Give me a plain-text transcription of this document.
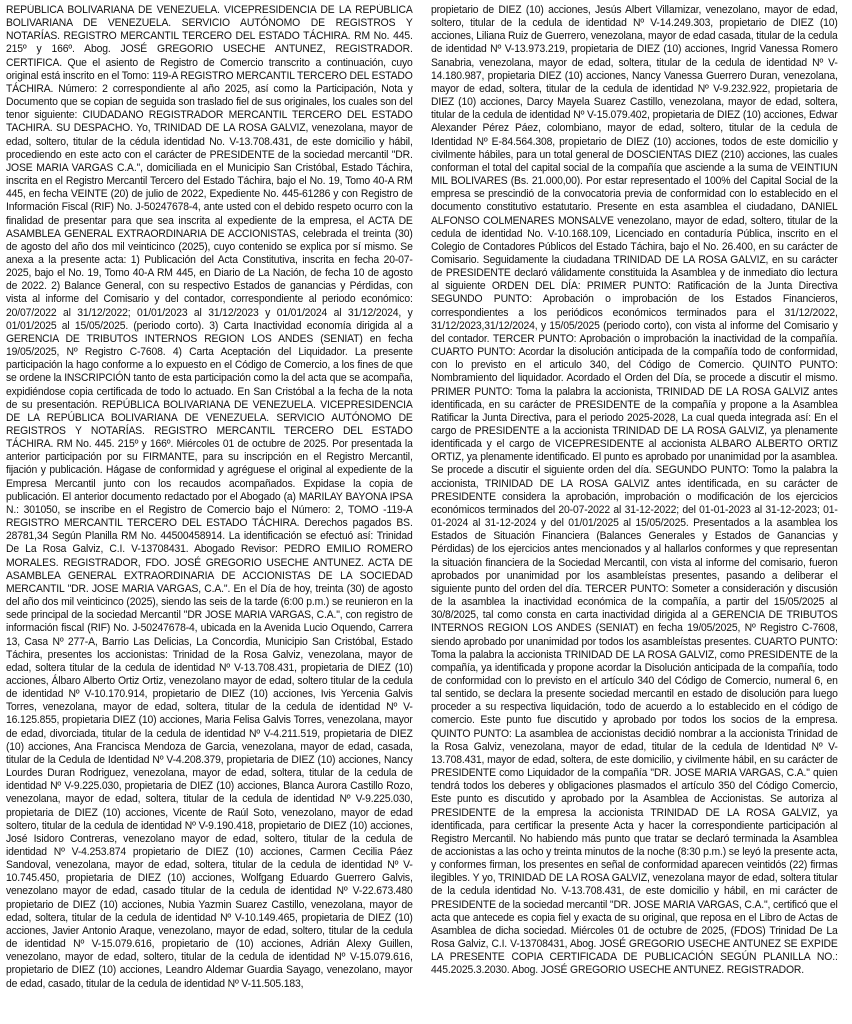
REPÚBLICA BOLIVARIANA DE VENEZUELA. VICEPRESIDENCIA DE LA REPÚBLICA BOLIVARIANA DE VENEZUELA. SERVICIO AUTÓNOMO DE REGISTROS Y NOTARÍAS. REGISTRO MERCANTIL TERCERO DEL ESTADO TÁCHIRA. RM No. 445. 215º y 166º. Abog. JOSÉ GREGORIO USECHE ANTUNEZ, REGISTRADOR. CERTIFICA. Que el asiento de Registro de Comercio transcrito a continuación, cuyo original está inscrito en el Tomo: 119-A REGISTRO MERCANTIL TERCERO DEL ESTADO TÁCHIRA. Número: 2 correspondiente al año 2025, así como la Participación, Nota y Documento que se copian de seguida son traslado fiel de sus originales, los cuales son del tenor siguiente: CIUDADANO REGISTRADOR MERCANTIL TERCERO DEL ESTADO TACHIRA. SU DESPACHO. Yo, TRINIDAD DE LA ROSA GALVIZ, venezolana, mayor de edad, soltero, titular de la cédula identidad No. V-13.708.431, de este domicilio y hábil, procediendo en este acto con el carácter de PRESIDENTE de la sociedad mercantil "DR. JOSE MARIA VARGAS C.A.", domiciliada en el Municipio San Cristóbal, Estado Táchira, inscrita en el Registro Mercantil Tercero del Estado Táchira, bajo el No. 19, Tomo 40-A RM 445, en fecha VEINTE (20) de julio de 2022, Expediente No. 445-61286 y con Registro de Información Fiscal (RIF) No. J-50247678-4, ante usted con el debido respeto ocurro con la finalidad de presentar para que sea inscrita al expediente de la empresa, el ACTA DE ASAMBLEA GENERAL EXTRAORDINARIA DE ACCIONISTAS, celebrada el treinta (30) de agosto del año dos mil veinticinco (2025), cuyo contenido se explica por sí mismo. Se anexa a la presente acta: 1) Publicación del Acta Constitutiva, inscrita en fecha 20-07-2025, bajo el No. 19, Tomo 40-A RM 445, en Diario de La Nación, de fecha 10 de agosto de 2022. 2) Balance General, con su respectivo Estados de ganancias y Pérdidas, con vista al informe del Comisario y del contador, correspondiente al periodo económico: 20/07/2022 al 31/12/2022; 01/01/2023 al 31/12/2023 y 01/01/2024 al 31/12/2024, y 01/01/2025 al 15/05/2025. (periodo corto). 3) Carta Inactividad economía dirigida al a GERENCIA DE TRIBUTOS INTERNOS REGION LOS ANDES (SENIAT) en fecha 19/05/2025, Nº Registro C-7608. 4) Carta Aceptación del Liquidador. La presente participación la hago conforme a lo expuesto en el Código de Comercio, a los fines de que se ordene la INSCRIPCIÓN tanto de esta participación como la del acta que se acompaña, expidiéndose copia certificada de todo lo actuado. En San Cristóbal a la fecha de la nota de su presentación. REPÚBLICA BOLIVARIANA DE VENEZUELA. VICEPRESIDENCIA DE LA REPÚBLICA BOLIVARIANA DE VENEZUELA. SERVICIO AUTÓNOMO DE REGISTROS Y NOTARÍAS. REGISTRO MERCANTIL TERCERO DEL ESTADO TÁCHIRA. RM No. 445. 215º y 166º. Miércoles 01 de octubre de 2025. Por presentada la anterior participación por su FIRMANTE, para su inscripción en el Registro Mercantil, fijación y publicación. Hágase de conformidad y agréguese el original al expediente de la Empresa Mercantil junto con los recaudos acompañados. Expidase la copia de publicación. El anterior documento redactado por el Abogado (a) MARILAY BAYONA IPSA N.: 301050, se inscribe en el Registro de Comercio bajo el Número: 2, TOMO -119-A REGISTRO MERCANTIL TERCERO DEL ESTADO TÁCHIRA. Derechos pagados BS. 28781,34 Según Planilla RM No. 44500458914. La identificación se efectuó así: Trinidad De La Rosa Galviz, C.I. V-13708431. Abogado Revisor: PEDRO EMILIO ROMERO MORALES. REGISTRADOR, FDO. JOSÉ GREGORIO USECHE ANTUNEZ. ACTA DE ASAMBLEA GENERAL EXTRAORDINARIA DE ACCIONISTAS DE LA SOCIEDAD MERCANTIL "DR. JOSE MARIA VARGAS, C.A.". En el Día de hoy, treinta (30) de agosto del año dos mil veinticinco (2025), siendo las seis de la tarde (6:00 p.m.) se reunieron en la sede principal de la sociedad Mercantil "DR JOSE MARIA VARGAS, C.A.", con registro de información fiscal (RIF) No. J-50247678-4, ubicada en la Avenida Lucio Oquendo, Carrera 13, Casa Nº 277-A, Barrio Las Delicias, La Concordia, Municipio San Cristóbal, Estado Táchira, presentes los accionistas: Trinidad de la Rosa Galviz, venezolana, mayor de edad, soltera titular de la cedula de identidad Nº V-13.708.431, propietaria de DIEZ (10) acciones, Álbaro Alberto Ortiz Ortiz, venezolano mayor de edad, soltero titular de la cedula de identidad Nº V-10.170.914, propietario de DIEZ (10) acciones, Ivis Yercenia Galvis Torres, venezolana, mayor de edad, soltera, titular de la cedula de identidad Nº V-16.125.855, propietaria DIEZ (10) acciones, Maria Felisa Galvis Torres, venezolana, mayor de edad, divorciada, titular de la cedula de identidad Nº V-4.211.519, propietaria de DIEZ (10) acciones, Ana Francisca Mendoza de Garcia, venezolana, mayor de edad, casada, titular de la Cedula de Identidad Nº V-4.208.379, propietaria de DIEZ (10) acciones, Nancy Lourdes Duran Rodriguez, venezolana, mayor de edad, soltera, titular de la cedula de identidad Nº V-9.225.030, propietaria de DIEZ (10) acciones, Blanca Aurora Castillo Rozo, venezolana, mayor de edad, soltera, titular de la cedula de identidad Nº V-9.225.030, propietaria de DIEZ (10) acciones, Vicente de Raúl Soto, venezolano, mayor de edad soltero, titular de la cedula de identidad Nº V-9.190.418, propietario de DIEZ (10) acciones, José Isidoro Contreras, venezolano mayor de edad, soltero, titular de la cedula de identidad Nº V-4.253.874 propietario de DIEZ (10) acciones, Carmen Cecilia Páez Sandoval, venezolana, mayor de edad, soltera, titular de la cedula de identidad Nº V-10.745.450, propietaria de DIEZ (10) acciones, Wolfgang Eduardo Guerrero Galvis, venezolano mayor de edad, casado titular de la cedula de identidad Nº V-22.673.480 propietario de DIEZ (10) acciones, Nubia Yazmin Suarez Castillo, venezolana, mayor de edad, soltera, titular de la cedula de identidad Nº V-10.149.465, propietaria de DIEZ (10) acciones, Javier Antonio Araque, venezolano, mayor de edad, soltero, titular de la cedula de identidad Nº V-15.079.616, propietario de (10) acciones, Adrián Alexy Guillen, venezolano, mayor de edad, soltero, titular de la cedula de identidad Nº V-15.079.616, propietario de DIEZ (10) acciones, Leandro Aldemar Guardia Sayago, venezolano, mayor de edad, casado, titular de la cedula de identidad Nº V-11.505.183,

propietario de DIEZ (10) acciones, Jesús Albert Villamizar, venezolano, mayor de edad, soltero, titular de la cedula de identidad Nº V-14.249.303, propietario de DIEZ (10) acciones, Liliana Ruiz de Guerrero, venezolana, mayor de edad casada, titular de la cedula de identidad Nº V-13.973.219, propietaria de DIEZ (10) acciones, Ingrid Vanessa Romero Sanabria, venezolana, mayor de edad, soltera, titular de la cedula de identidad Nº V-14.180.987, propietaria DIEZ (10) acciones, Nancy Vanessa Guerrero Duran, venezolana, mayor de edad, soltera, titular de la cedula de identidad Nº V-9.232.922, propietaria de DIEZ (10) acciones, Darcy Mayela Suarez Castillo, venezolana, mayor de edad, soltera, titular de la cedula de identidad Nº V-15.079.402, propietaria de DIEZ (10) acciones, Edwar Alexander Pérez Páez, colombiano, mayor de edad, soltero, titular de la cedula de Identidad Nº E-84.564.308, propietario de DIEZ (10) acciones, todos de este domicilio y civilmente hábiles, para un total general de DOSCIENTAS DIEZ (210) acciones, las cuales conforman el total del capital social de la compañía que asciende a la suma de VEINTIUN MIL BOLIVARES (Bs. 21.000,00). Por estar representado el 100% del Capital Social de la empresa se prescindió de la convocatoria previa de conformidad con lo establecido en el documento constitutivo estatutario. Presente en esta asamblea el ciudadano, DANIEL ALFONSO COLMENARES MONSALVE venezolano, mayor de edad, soltero, titular de la cedula de identidad No. V-10.168.109, Licenciado en contaduría Pública, inscrito en el Colegio de Contadores Públicos del Estado Táchira, bajo el No. 26.400, en su carácter de Comisario. Seguidamente la ciudadana TRINIDAD DE LA ROSA GALVIZ, en su carácter de PRESIDENTE declaró válidamente constituida la Asamblea y de inmediato dio lectura al siguiente ORDEN DEL DÍA: PRIMER PUNTO: Ratificación de la Junta Directiva SEGUNDO PUNTO: Aprobación o improbación de los Estados Financieros, correspondientes a los periódicos económicos terminados para el 31/12/2022, 31/12/2023,31/12/2024, y 15/05/2025 (periodo corto), con vista al informe del Comisario y del contador. TERCER PUNTO: Aprobación o improbación la inactividad de la compañía. CUARTO PUNTO: Acordar la disolución anticipada de la compañía todo de conformidad, con lo previsto en el articulo 340, del Código de Comercio. QUINTO PUNTO: Nombramiento del liquidador. Acordado el Orden del Día, se procede a discutir el mismo. PRIMER PUNTO: Toma la palabra la accionista, TRINIDAD DE LA ROSA GALVIZ antes identificada, en su carácter de PRESIDENTE de la compañía y propone a la Asamblea Ratificar la Junta Directiva, para el periodo 2025-2028, La cual queda integrada así: En el cargo de PRESIDENTE a la accionista TRINIDAD DE LA ROSA GALVIZ, ya plenamente identificada y el cargo de VICEPRESIDENTE al accionista ALBARO ALBERTO ORTIZ ORTIZ, ya plenamente identificado. El punto es aprobado por unanimidad por la asamblea. Se procede a discutir el siguiente orden del día. SEGUNDO PUNTO: Tomo la palabra la accionista, TRINIDAD DE LA ROSA GALVIZ antes identificada, en su carácter de PRESIDENTE considera la aprobación, improbación o modificación de los ejercicios económicos terminados del 20-07-2022 al 31-12-2022; del 01-01-2023 al 31-12-2023; 01-01-2024 al 31-12-2024 y del 01/01/2025 al 15/05/2025. Presentados a la asamblea los Estados de Situación Financiera (Balances Generales y Estados de Ganancias y Pérdidas) de los ejercicios antes mencionados y al hallarlos conformes y que representan la situación financiera de la Sociedad Mercantil, con vista al informe del comisario, fueron aprobados por unanimidad por los asambleístas presentes, pasando a deliberar el siguiente punto del orden del día. TERCER PUNTO: Someter a consideración y discusión de la asamblea la inactividad económica de la compañía, a partir del 15/05/2025 al 30/8/2025, tal como consta en carta inactividad dirigida al a GERENCIA DE TRIBUTOS INTERNOS REGION LOS ANDES (SENIAT) en fecha 19/05/2025, Nº Registro C-7608, siendo aprobado por unanimidad por todos los asambleístas presentes. CUARTO PUNTO: Toma la palabra la accionista TRINIDAD DE LA ROSA GALVIZ, como PRESIDENTE de la compañía, ya identificada y propone acordar la Disolución anticipada de la compañía, todo de conformidad con lo previsto en el artículo 340 del Código de Comercio, numeral 6, en tal sentido, se declara la presente sociedad mercantil en estado de disolución para luego proceder a su respectiva liquidación, todo de acuerdo a lo establecido en el código de comercio. Este punto fue discutido y aprobado por todos los socios de la empresa. QUINTO PUNTO: La asamblea de accionistas decidió nombrar a la accionista Trinidad de la Rosa Galviz, venezolana, mayor de edad, titular de la cedula de Identidad Nº V-13.708.431, mayor de edad, soltera, de este domicilio, y civilmente hábil, en su carácter de PRESIDENTE como Liquidador de la compañía "DR. JOSE MARIA VARGAS, C.A." quien tendrá todos los deberes y obligaciones plasmados el artículo 350 del Código Comercio, Este punto es discutido y aprobado por la Asamblea de Accionistas. Se autoriza al PRESIDENTE de la empresa la accionista TRINIDAD DE LA ROSA GALVIZ, ya identificada, para certificar la presente Acta y hacer la correspondiente participación al Registro Mercantil. No habiendo más punto que tratar se declaró terminada la Asamblea de accionistas a las ocho y treinta minutos de la noche (8:30 p.m.) se leyó la presente acta, y conformes firman, los presentes en señal de conformidad aparecen veintidós (22) firmas ilegibles. Y yo, TRINIDAD DE LA ROSA GALVIZ, venezolana mayor de edad, soltera titular de la cedula identidad No. V-13.708.431, de este domicilio y hábil, en mi carácter de PRESIDENTE de la sociedad mercantil "DR. JOSE MARIA VARGAS, C.A.", certificó que el acta que antecede es copia fiel y exacta de su original, que reposa en el Libro de Actas de Asamblea de dicha sociedad. Miércoles 01 de octubre de 2025, (FDOS) Trinidad De La Rosa Galviz, C.I. V-13708431, Abog. JOSÉ GREGORIO USECHE ANTUNEZ SE EXPIDE LA PRESENTE COPIA CERTIFICADA DE PUBLICACIÓN SEGÚN PLANILLA NO.: 445.2025.3.2030. Abog. JOSÉ GREGORIO USECHE ANTUNEZ. REGISTRADOR.
